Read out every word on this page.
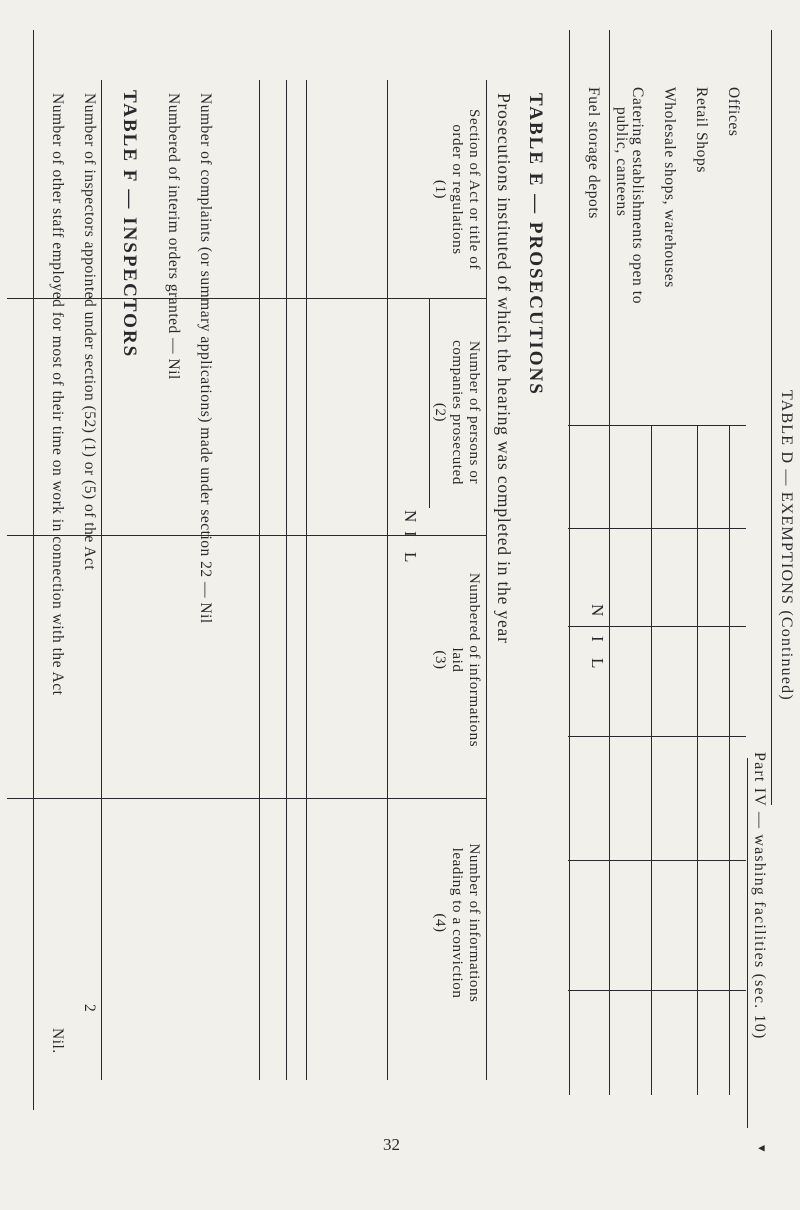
TABLE D — EXEMPTIONS (Continued)
Part IV — washing facilities (sec. 10)
▾
Offices
Retail Shops
Wholesale shops, warehouses
Catering establishments open to
public, canteens
Fuel storage depots
N
I
L
TABLE E — PROSECUTIONS
Prosecutions instituted of which the hearing was completed in the year
Section of Act or title of
order or regulations
(1)
Number of persons or
companies prosecuted
(2)
Numbered of informations
laid
(3)
Number of informations
leading to a conviction
(4)
N
I
L
Number of complaints (or summary applications) made under section 22 — Nil
Numbered of interim orders granted — Nil
TABLE F — INSPECTORS
Number of inspectors appointed under section (52) (1) or (5) of the Act
2
Number of other staff employed for most of their time on work in connection with the Act
Nil.
32
